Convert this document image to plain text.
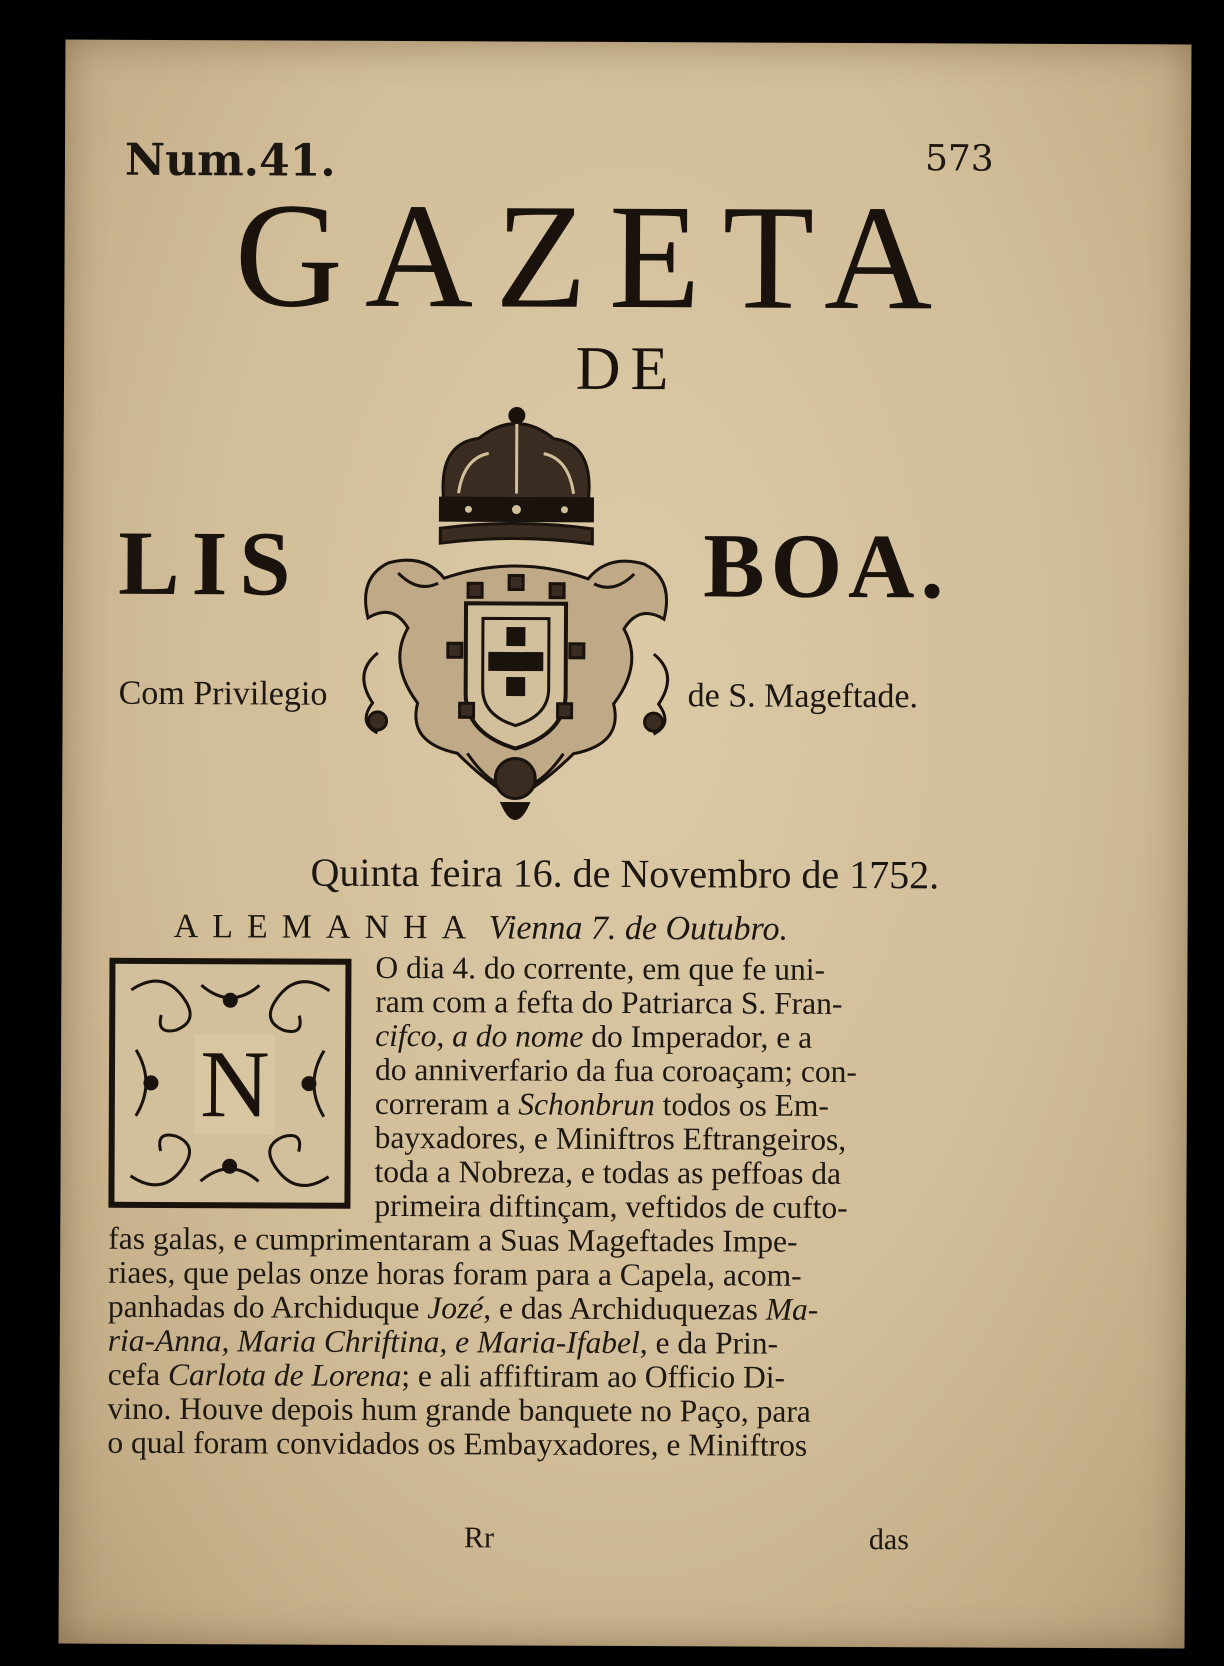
Num.41.	573
GAZETA
DE
LIS	BOA.
Com Privilegio	de S. Mageftade.
Quinta feira 16. de Novembro de 1752.
ALEMANHA Vienna 7. de Outubro.
N
O dia 4. do corrente, em que fe uni-
ram com a fefta do Patriarca S. Fran-
cifco, a do nome do Imperador, e a
do anniverfario da fua coroaçam; con-
correram a Schonbrun todos os Em-
bayxadores, e Miniftros Eftrangeiros,
toda a Nobreza, e todas as peffoas da
primeira diftinçam, veftidos de cufto-
fas galas, e cumprimentaram a Suas Mageftades Impe-
riaes, que pelas onze horas foram para a Capela, acom-
panhadas do Archiduque Jozé, e das Archiduquezas Ma-
ria-Anna, Maria Chriftina, e Maria-Ifabel, e da Prin-
cefa Carlota de Lorena; e ali affiftiram ao Officio Di-
vino. Houve depois hum grande banquete no Paço, para
o qual foram convidados os Embayxadores, e Miniftros
Rr	das
